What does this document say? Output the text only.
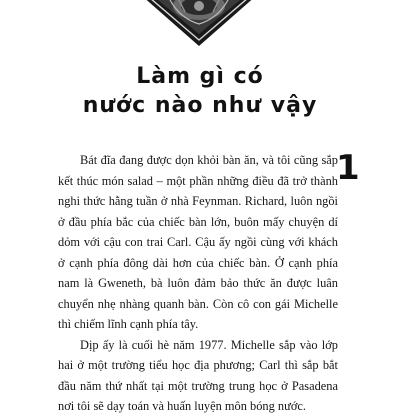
Làm gì có
nước nào như vậy
1

Bát đĩa đang được dọn khỏi bàn ăn, và tôi cũng sắp kết thúc món salad – một phần những điều đã trở thành nghi thức hằng tuần ở nhà Feynman. Richard, luôn ngồi ở đầu phía bắc của chiếc bàn lớn, buôn mấy chuyện dí dỏm với cậu con trai Carl. Cậu ấy ngồi cùng với khách ở cạnh phía đông dài hơn của chiếc bàn. Ở cạnh phía nam là Gweneth, bà luôn đảm bảo thức ăn được luân chuyển nhẹ nhàng quanh bàn. Còn cô con gái Michelle thì chiếm lĩnh cạnh phía tây.

Dịp ấy là cuối hè năm 1977. Michelle sắp vào lớp hai ở một trường tiểu học địa phương; Carl thì sắp bắt đầu năm thứ nhất tại một trường trung học ở Pasadena nơi tôi sẽ dạy toán và huấn luyện môn bóng nước.
